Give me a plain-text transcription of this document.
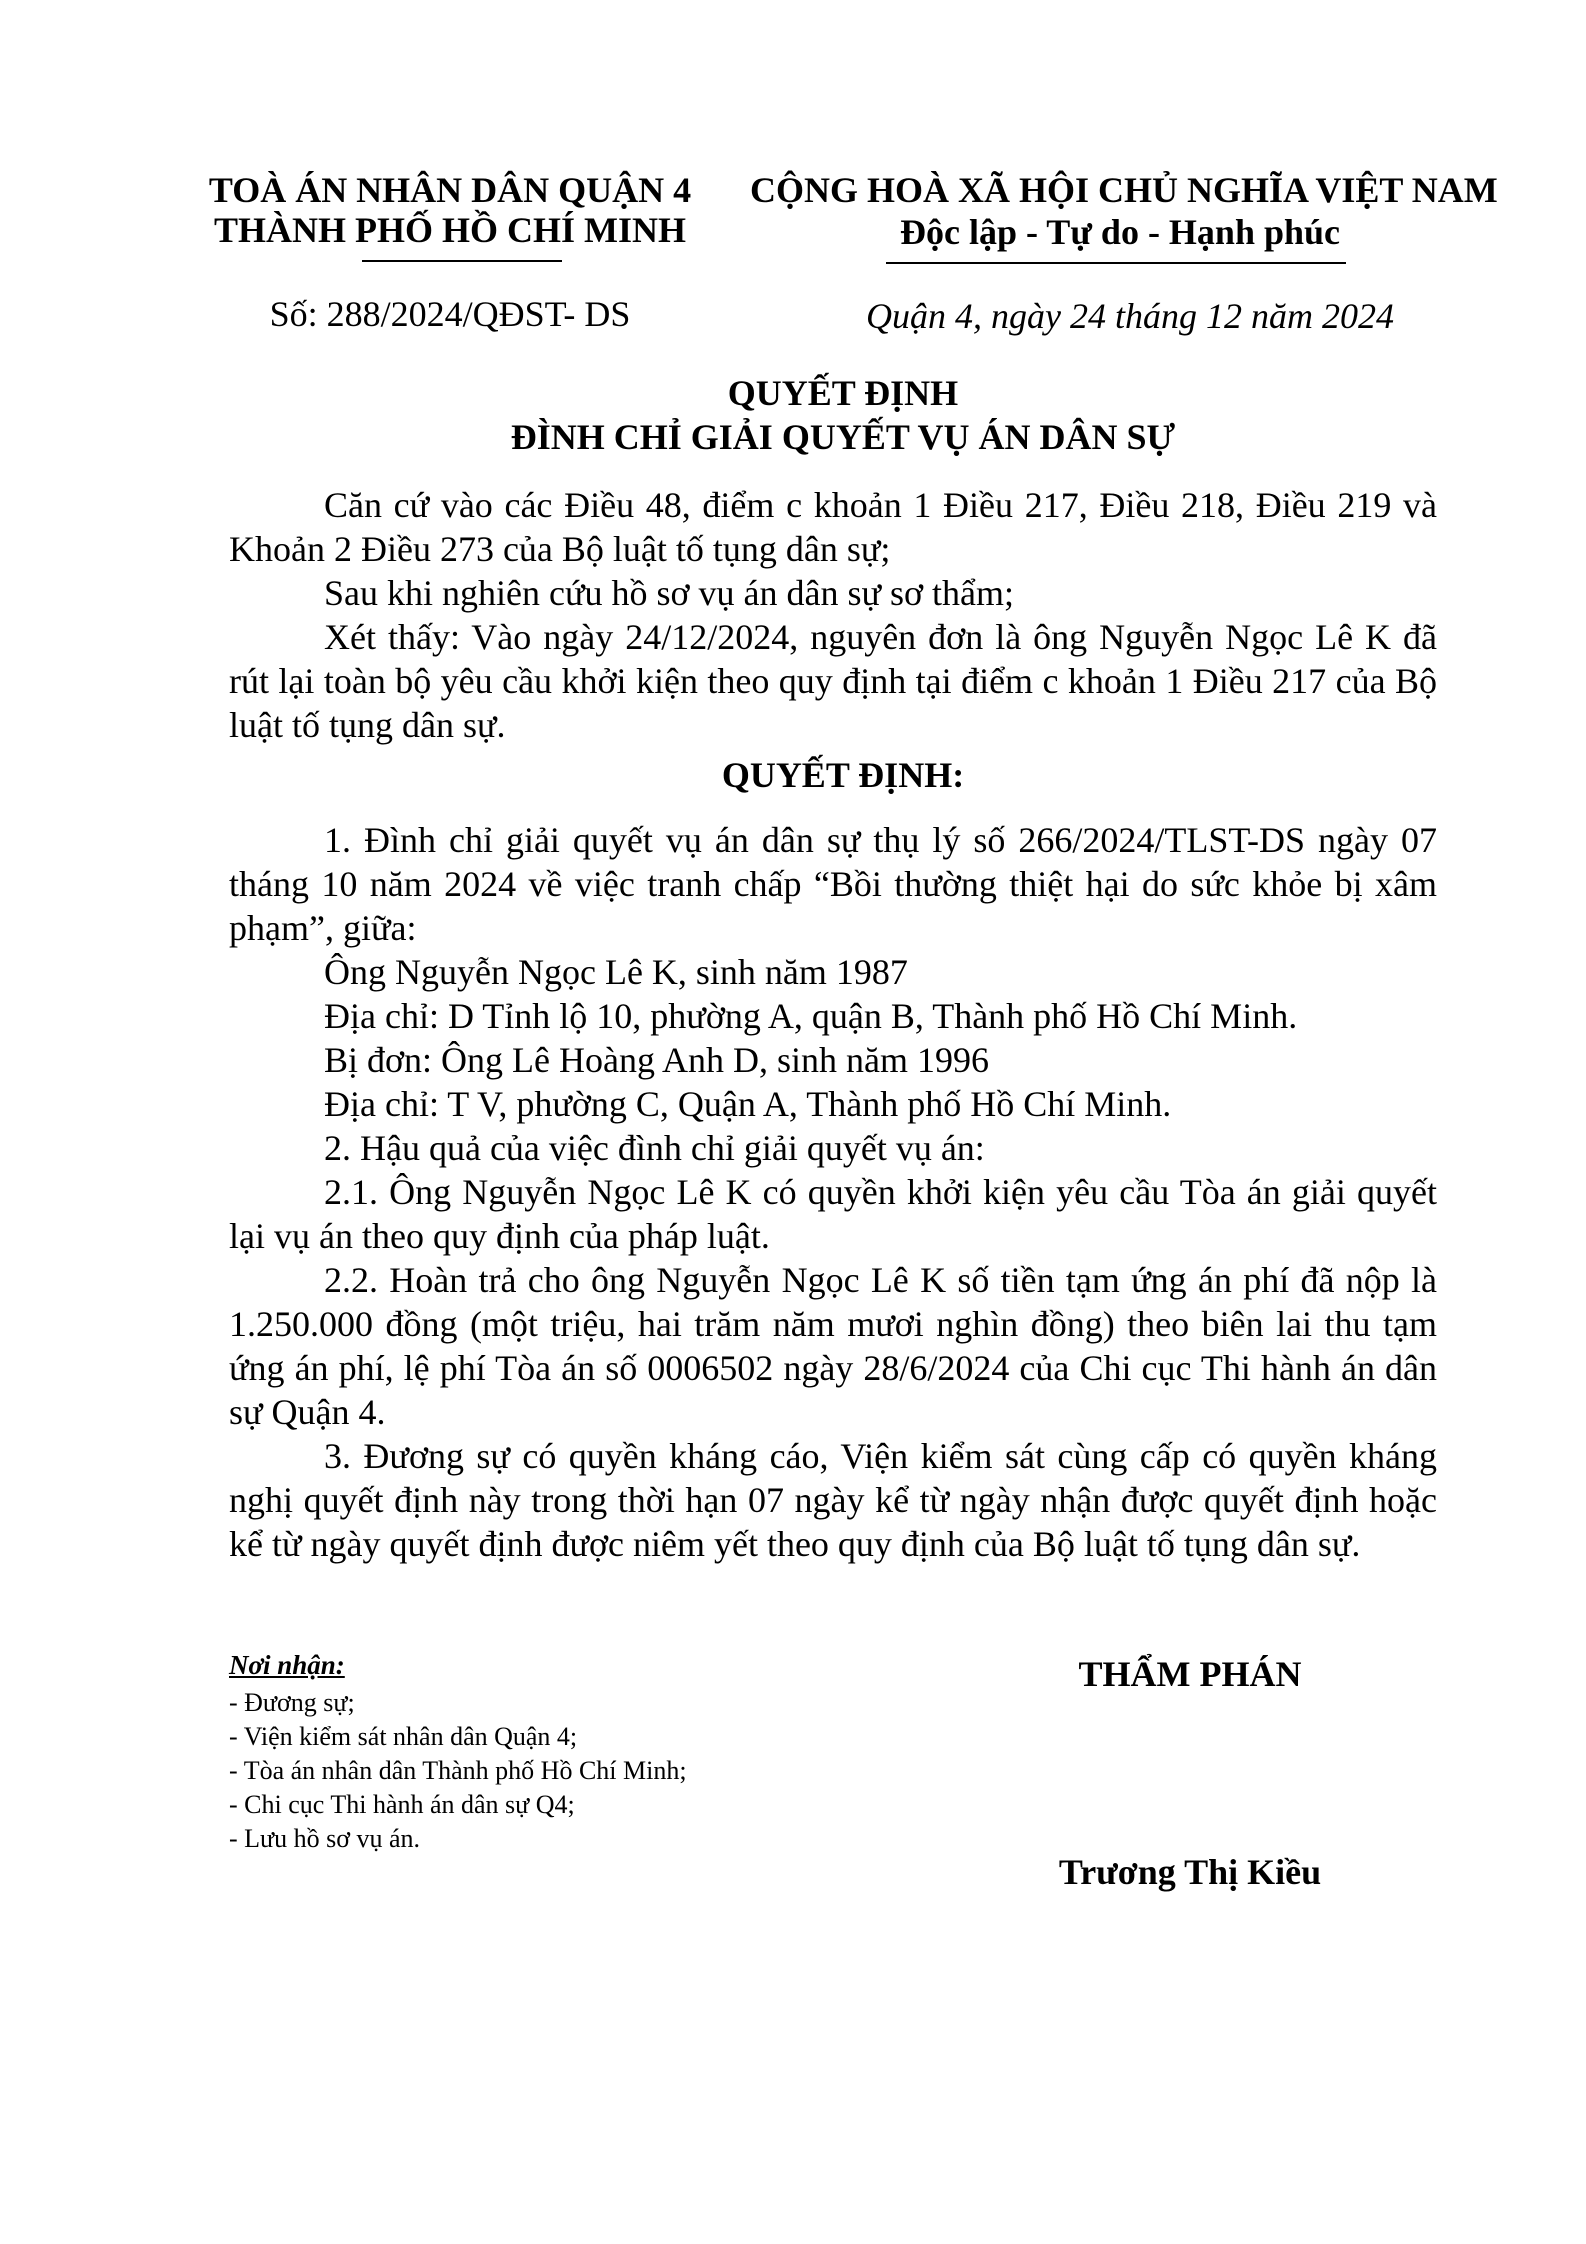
TOÀ ÁN NHÂN DÂN QUẬN 4
THÀNH PHỐ HỒ CHÍ MINH
CỘNG HOÀ XÃ HỘI CHỦ NGHĨA VIỆT NAM
Độc lập - Tự do - Hạnh phúc
Số: 288/2024/QĐST- DS	Quận 4, ngày 24 tháng 12 năm 2024
QUYẾT ĐỊNH
ĐÌNH CHỈ GIẢI QUYẾT VỤ ÁN DÂN SỰ
Căn cứ vào các Điều 48, điểm c khoản 1 Điều 217, Điều 218, Điều 219 và Khoản 2 Điều 273 của Bộ luật tố tụng dân sự;
Sau khi nghiên cứu hồ sơ vụ án dân sự sơ thẩm;
Xét thấy: Vào ngày 24/12/2024, nguyên đơn là ông Nguyễn Ngọc Lê K đã rút lại toàn bộ yêu cầu khởi kiện theo quy định tại điểm c khoản 1 Điều 217 của Bộ luật tố tụng dân sự.
QUYẾT ĐỊNH:
1. Đình chỉ giải quyết vụ án dân sự thụ lý số 266/2024/TLST-DS ngày 07 tháng 10 năm 2024 về việc tranh chấp “Bồi thường thiệt hại do sức khỏe bị xâm phạm”, giữa:
Ông Nguyễn Ngọc Lê K, sinh năm 1987
Địa chỉ: D Tỉnh lộ 10, phường A, quận B, Thành phố Hồ Chí Minh.
Bị đơn: Ông Lê Hoàng Anh D, sinh năm 1996
Địa chỉ: T V, phường C, Quận A, Thành phố Hồ Chí Minh.
2. Hậu quả của việc đình chỉ giải quyết vụ án:
2.1. Ông Nguyễn Ngọc Lê K có quyền khởi kiện yêu cầu Tòa án giải quyết lại vụ án theo quy định của pháp luật.
2.2. Hoàn trả cho ông Nguyễn Ngọc Lê K số tiền tạm ứng án phí đã nộp là 1.250.000 đồng (một triệu, hai trăm năm mươi nghìn đồng) theo biên lai thu tạm ứng án phí, lệ phí Tòa án số 0006502 ngày 28/6/2024 của Chi cục Thi hành án dân sự Quận 4.
3. Đương sự có quyền kháng cáo, Viện kiểm sát cùng cấp có quyền kháng nghị quyết định này trong thời hạn 07 ngày kể từ ngày nhận được quyết định hoặc kể từ ngày quyết định được niêm yết theo quy định của Bộ luật tố tụng dân sự.
Nơi nhận:
- Đương sự;
- Viện kiểm sát nhân dân Quận 4;
- Tòa án nhân dân Thành phố Hồ Chí Minh;
- Chi cục Thi hành án dân sự Q4;
- Lưu hồ sơ vụ án.
THẨM PHÁN
Trương Thị Kiều
